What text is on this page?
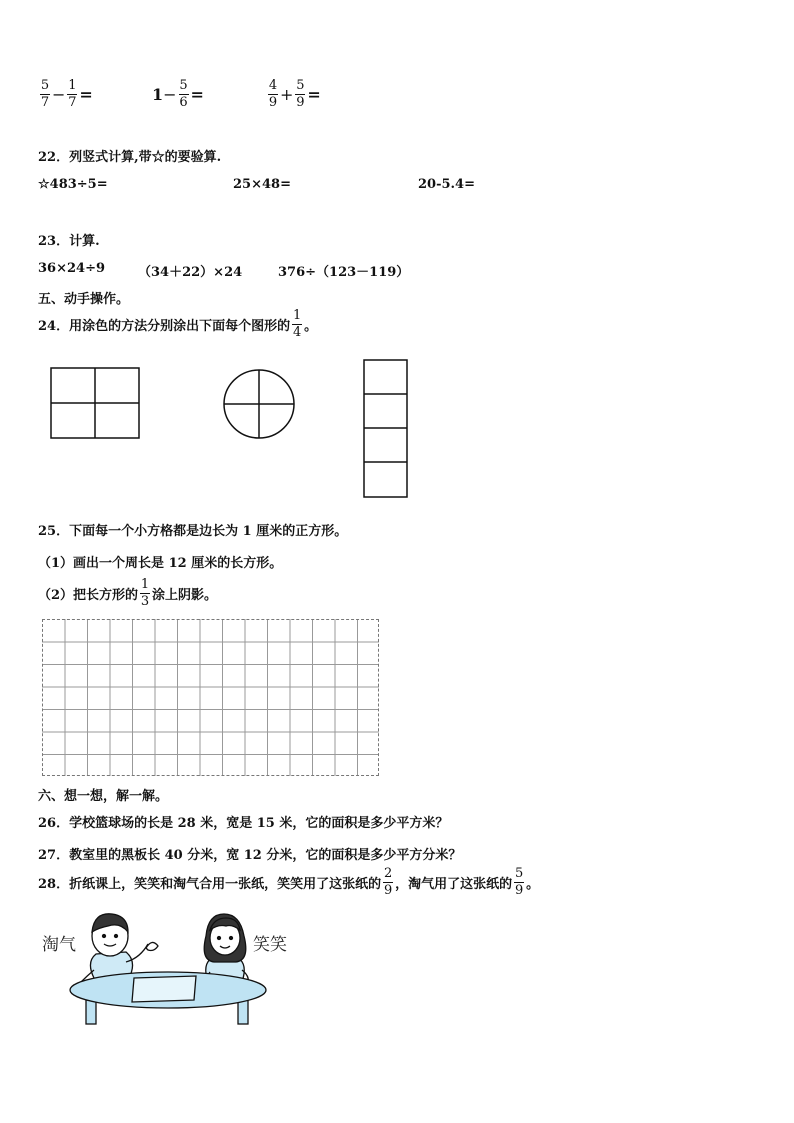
$\frac{5}{7} - \frac{1}{7}$ =	$1- \frac{5}{6}$ =	$\frac{4}{9} + \frac{5}{9}$ =
22．列竖式计算,带☆的要验算.
☆483÷5=	25×48=	20-5.4=
23．计算.
36×24÷9	（34＋22）×24	376÷（123－119）
五、动手操作。
24．用涂色的方法分别涂出下面每个图形的 $\frac{1}{4}$ 。
25．下面每一个小方格都是边长为 1 厘米的正方形。
（1）画出一个周长是 12 厘米的长方形。
（2）把长方形的 $\frac{1}{3}$ 涂上阴影。
六、想一想，解一解。
26．学校篮球场的长是 28 米，宽是 15 米，它的面积是多少平方米？
27．教室里的黑板长 40 分米，宽 12 分米，它的面积是多少平方分米？
28．折纸课上，笑笑和淘气合用一张纸，笑笑用了这张纸的 $\frac{2}{9}$ ，淘气用了这张纸的 $\frac{5}{9}$ 。
淘气	笑笑
